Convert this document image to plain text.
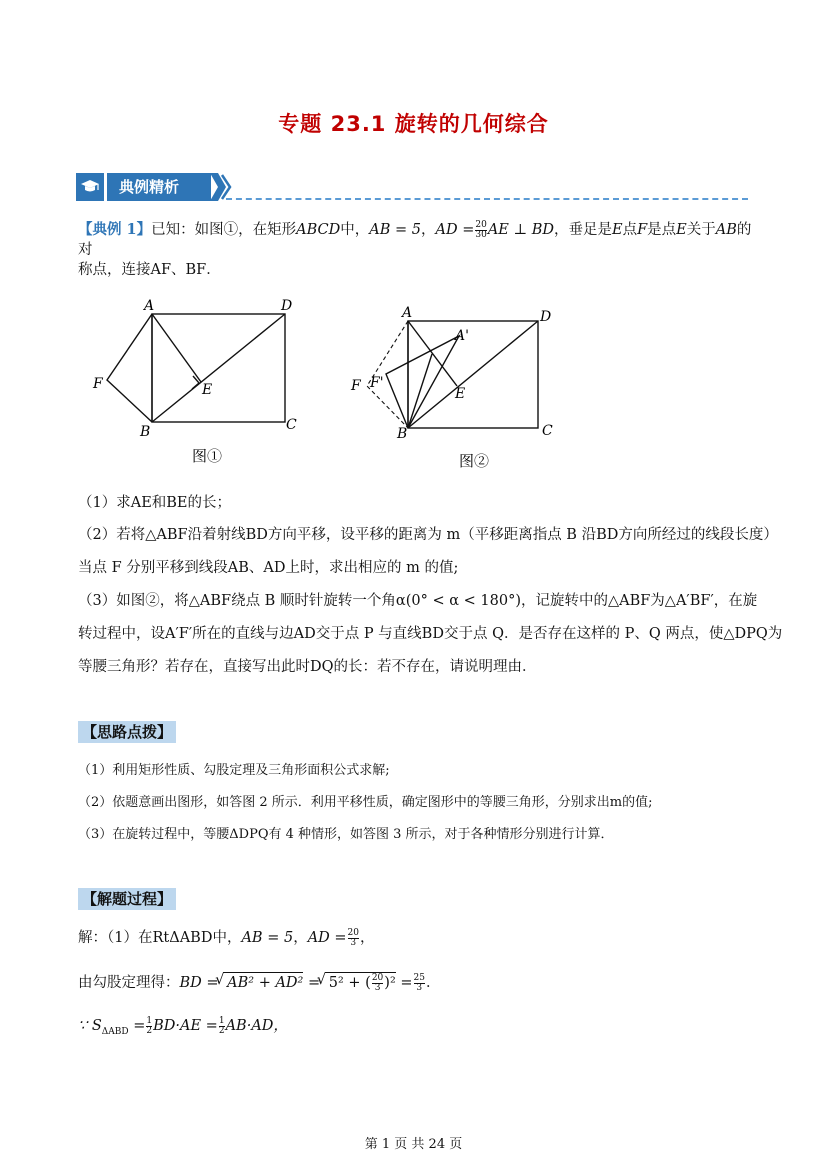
专题 23.1 旋转的几何综合
典例精析
【典例 1】已知：如图①，在矩形ABCD中，AB = 5，AD = $\frac{20}{30}$ AE ⊥ BD，垂足是E点F是点E关于AB的对
称点，连接AF、BF．
A	D
F	E
B	C
图①
A
A'
D
F F'
E
B	C
图②
（1）求AE和BE的长；
（2）若将△ABF沿着射线BD方向平移，设平移的距离为 m（平移距离指点 B 沿BD方向所经过的线段长度）
当点 F 分别平移到线段AB、AD上时，求出相应的 m 的值;
（3）如图②，将△ABF绕点 B 顺时针旋转一个角α(0° < α < 180°)，记旋转中的△ABF为△A′BF′，在旋
转过程中，设A′F′所在的直线与边AD交于点 P 与直线BD交于点 Q．是否存在这样的 P、Q 两点，使△DPQ为
等腰三角形？若存在，直接写出此时DQ的长：若不存在，请说明理由．
【思路点拨】
（1）利用矩形性质、勾股定理及三角形面积公式求解;
（2）依题意画出图形，如答图 2 所示．利用平移性质，确定图形中的等腰三角形，分别求出m的值;
（3）在旋转过程中，等腰ΔDPQ有 4 种情形，如答图 3 所示，对于各种情形分别进行计算．
【解题过程】
解：（1）在RtΔABD中，AB = 5，AD = $\frac{20}{3}$ ，
由勾股定理得：BD =
√ AB² + AD² =
√ 5² + ( $\frac{20}{3} )^2 = \frac{25}{3}$ ．
∵ $S_{\Delta ABD} = \frac{1}{2} BD\cdot AE = \frac{1}{2} AB\cdot AD$，
第 1 页 共 24 页
